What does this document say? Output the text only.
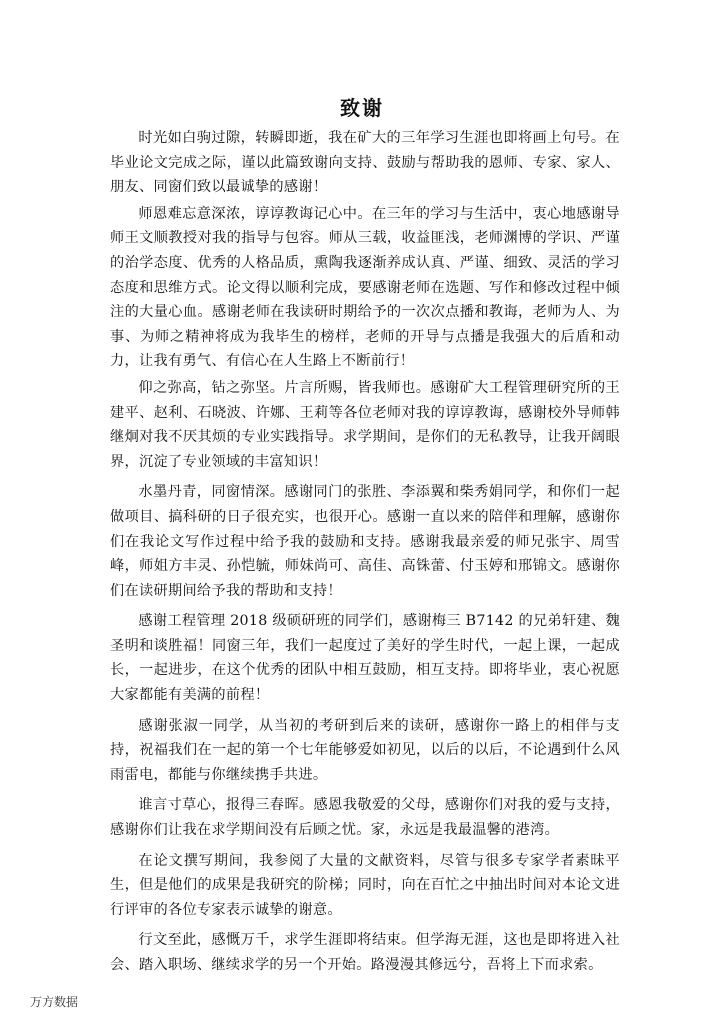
致谢

时光如白驹过隙，转瞬即逝，我在矿大的三年学习生涯也即将画上句号。在毕业论文完成之际，谨以此篇致谢向支持、鼓励与帮助我的恩师、专家、家人、朋友、同窗们致以最诚挚的感谢！

师恩难忘意深浓，谆谆教诲记心中。在三年的学习与生活中，衷心地感谢导师王文顺教授对我的指导与包容。师从三载，收益匪浅，老师渊博的学识、严谨的治学态度、优秀的人格品质，熏陶我逐渐养成认真、严谨、细致、灵活的学习态度和思维方式。论文得以顺利完成，要感谢老师在选题、写作和修改过程中倾注的大量心血。感谢老师在我读研时期给予的一次次点播和教诲，老师为人、为事、为师之精神将成为我毕生的榜样，老师的开导与点播是我强大的后盾和动力，让我有勇气、有信心在人生路上不断前行！

仰之弥高，钻之弥坚。片言所赐，皆我师也。感谢矿大工程管理研究所的王建平、赵利、石晓波、许娜、王莉等各位老师对我的谆谆教诲，感谢校外导师韩继炯对我不厌其烦的专业实践指导。求学期间，是你们的无私教导，让我开阔眼界，沉淀了专业领域的丰富知识！

水墨丹青，同窗情深。感谢同门的张胜、李添翼和柴秀娟同学，和你们一起做项目、搞科研的日子很充实，也很开心。感谢一直以来的陪伴和理解，感谢你们在我论文写作过程中给予我的鼓励和支持。感谢我最亲爱的师兄张宇、周雪峰，师姐方丰灵、孙恺毓，师妹尚可、高佳、高铢蕾、付玉婷和邢锦文。感谢你们在读研期间给予我的帮助和支持！

感谢工程管理 2018 级硕研班的同学们，感谢梅三 B7142 的兄弟轩建、魏圣明和谈胜福！同窗三年，我们一起度过了美好的学生时代，一起上课，一起成长，一起进步，在这个优秀的团队中相互鼓励，相互支持。即将毕业，衷心祝愿大家都能有美满的前程！

感谢张淑一同学，从当初的考研到后来的读研，感谢你一路上的相伴与支持，祝福我们在一起的第一个七年能够爱如初见，以后的以后，不论遇到什么风雨雷电，都能与你继续携手共进。

谁言寸草心，报得三春晖。感恩我敬爱的父母，感谢你们对我的爱与支持，感谢你们让我在求学期间没有后顾之忧。家，永远是我最温馨的港湾。

在论文撰写期间，我参阅了大量的文献资料，尽管与很多专家学者素昧平生，但是他们的成果是我研究的阶梯；同时，向在百忙之中抽出时间对本论文进行评审的各位专家表示诚挚的谢意。

行文至此，感慨万千，求学生涯即将结束。但学海无涯，这也是即将进入社会、踏入职场、继续求学的另一个开始。路漫漫其修远兮，吾将上下而求索。

万方数据
